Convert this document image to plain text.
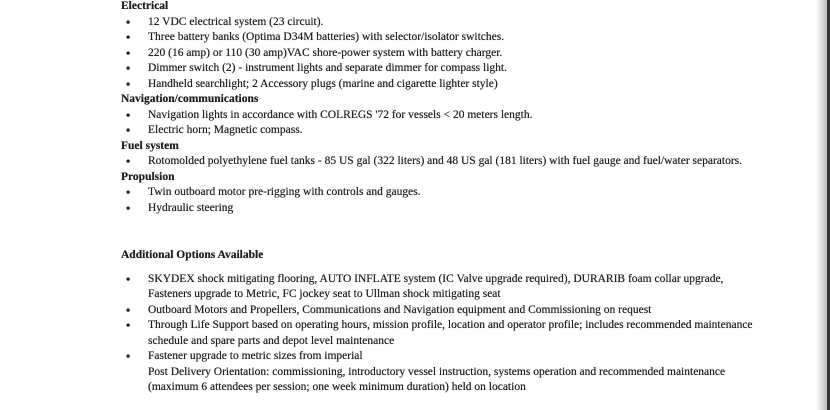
Electrical
• 12 VDC electrical system (23 circuit).
• Three battery banks (Optima D34M batteries) with selector/isolator switches.
• 220 (16 amp) or 110 (30 amp)VAC shore-power system with battery charger.
• Dimmer switch (2) - instrument lights and separate dimmer for compass light.
• Handheld searchlight; 2 Accessory plugs (marine and cigarette lighter style)
Navigation/communications
• Navigation lights in accordance with COLREGS '72 for vessels < 20 meters length.
• Electric horn; Magnetic compass.
Fuel system
• Rotomolded polyethylene fuel tanks - 85 US gal (322 liters) and 48 US gal (181 liters) with fuel gauge and fuel/water separators.
Propulsion
• Twin outboard motor pre-rigging with controls and gauges.
• Hydraulic steering
Additional Options Available
• SKYDEX shock mitigating flooring, AUTO INFLATE system (IC Valve upgrade required), DURARIB foam collar upgrade,
Fasteners upgrade to Metric, FC jockey seat to Ullman shock mitigating seat
• Outboard Motors and Propellers, Communications and Navigation equipment and Commissioning on request
• Through Life Support based on operating hours, mission profile, location and operator profile; includes recommended maintenance
schedule and spare parts and depot level maintenance
• Fastener upgrade to metric sizes from imperial
Post Delivery Orientation: commissioning, introductory vessel instruction, systems operation and recommended maintenance
(maximum 6 attendees per session; one week minimum duration) held on location
